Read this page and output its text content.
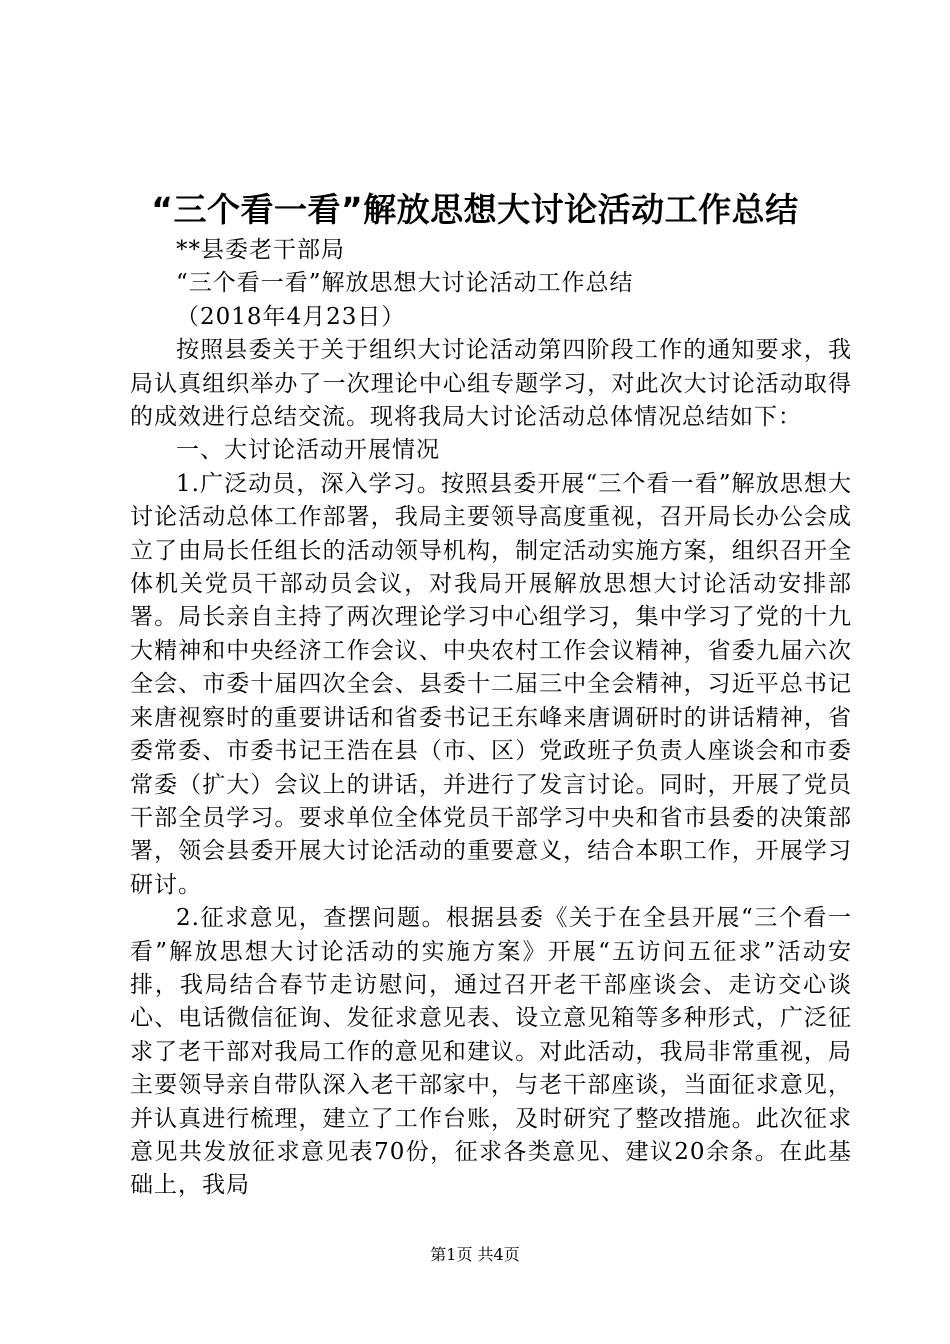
“三个看一看”解放思想大讨论活动工作总结

**县委老干部局

“三个看一看”解放思想大讨论活动工作总结

（2018年4月23日）

按照县委关于关于组织大讨论活动第四阶段工作的通知要求，我局认真组织举办了一次理论中心组专题学习，对此次大讨论活动取得的成效进行总结交流。现将我局大讨论活动总体情况总结如下：

一、大讨论活动开展情况

1.广泛动员，深入学习。按照县委开展“三个看一看”解放思想大讨论活动总体工作部署，我局主要领导高度重视，召开局长办公会成立了由局长任组长的活动领导机构，制定活动实施方案，组织召开全体机关党员干部动员会议，对我局开展解放思想大讨论活动安排部署。局长亲自主持了两次理论学习中心组学习，集中学习了党的十九大精神和中央经济工作会议、中央农村工作会议精神，省委九届六次全会、市委十届四次全会、县委十二届三中全会精神，习近平总书记来唐视察时的重要讲话和省委书记王东峰来唐调研时的讲话精神，省委常委、市委书记王浩在县（市、区）党政班子负责人座谈会和市委常委（扩大）会议上的讲话，并进行了发言讨论。同时，开展了党员干部全员学习。要求单位全体党员干部学习中央和省市县委的决策部署，领会县委开展大讨论活动的重要意义，结合本职工作，开展学习研讨。

2.征求意见，查摆问题。根据县委《关于在全县开展“三个看一看”解放思想大讨论活动的实施方案》开展“五访问五征求”活动安排，我局结合春节走访慰问，通过召开老干部座谈会、走访交心谈心、电话微信征询、发征求意见表、设立意见箱等多种形式，广泛征求了老干部对我局工作的意见和建议。对此活动，我局非常重视，局主要领导亲自带队深入老干部家中，与老干部座谈，当面征求意见，并认真进行梳理，建立了工作台账，及时研究了整改措施。此次征求意见共发放征求意见表70份，征求各类意见、建议20余条。在此基础上，我局

第1页 共4页
